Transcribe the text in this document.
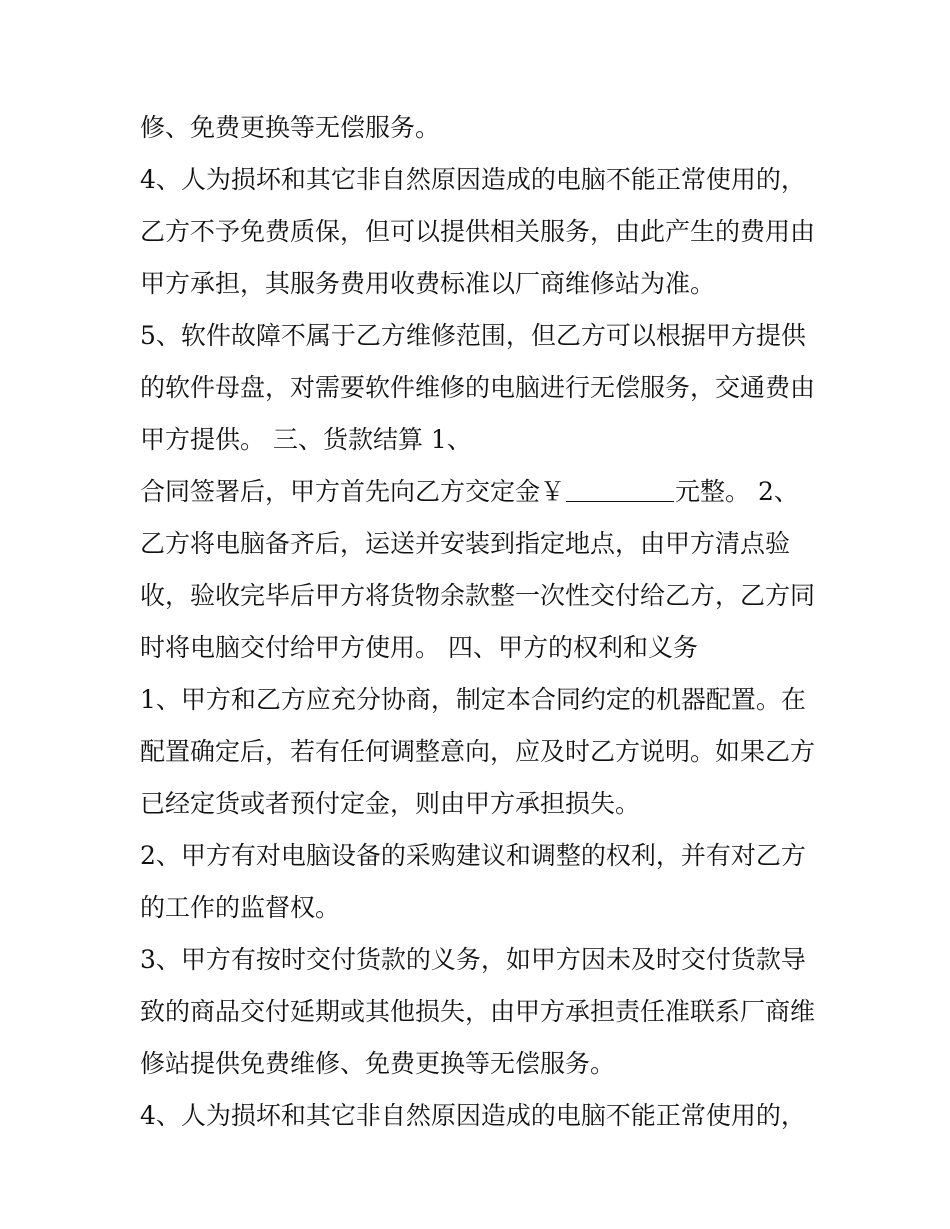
修、免费更换等无偿服务。
4、人为损坏和其它非自然原因造成的电脑不能正常使用的，
乙方不予免费质保，但可以提供相关服务，由此产生的费用由
甲方承担，其服务费用收费标准以厂商维修站为准。
5、软件故障不属于乙方维修范围，但乙方可以根据甲方提供
的软件母盘，对需要软件维修的电脑进行无偿服务，交通费由
甲方提供。 三、货款结算 1、
合同签署后，甲方首先向乙方交定金￥	元整。 2、
乙方将电脑备齐后，运送并安装到指定地点，由甲方清点验
收，验收完毕后甲方将货物余款整一次性交付给乙方，乙方同
时将电脑交付给甲方使用。 四、甲方的权利和义务
1、甲方和乙方应充分协商，制定本合同约定的机器配置。在
配置确定后，若有任何调整意向，应及时乙方说明。如果乙方
已经定货或者预付定金，则由甲方承担损失。
2、甲方有对电脑设备的采购建议和调整的权利，并有对乙方
的工作的监督权。
3、甲方有按时交付货款的义务，如甲方因未及时交付货款导
致的商品交付延期或其他损失，由甲方承担责任准联系厂商维
修站提供免费维修、免费更换等无偿服务。
4、人为损坏和其它非自然原因造成的电脑不能正常使用的，
